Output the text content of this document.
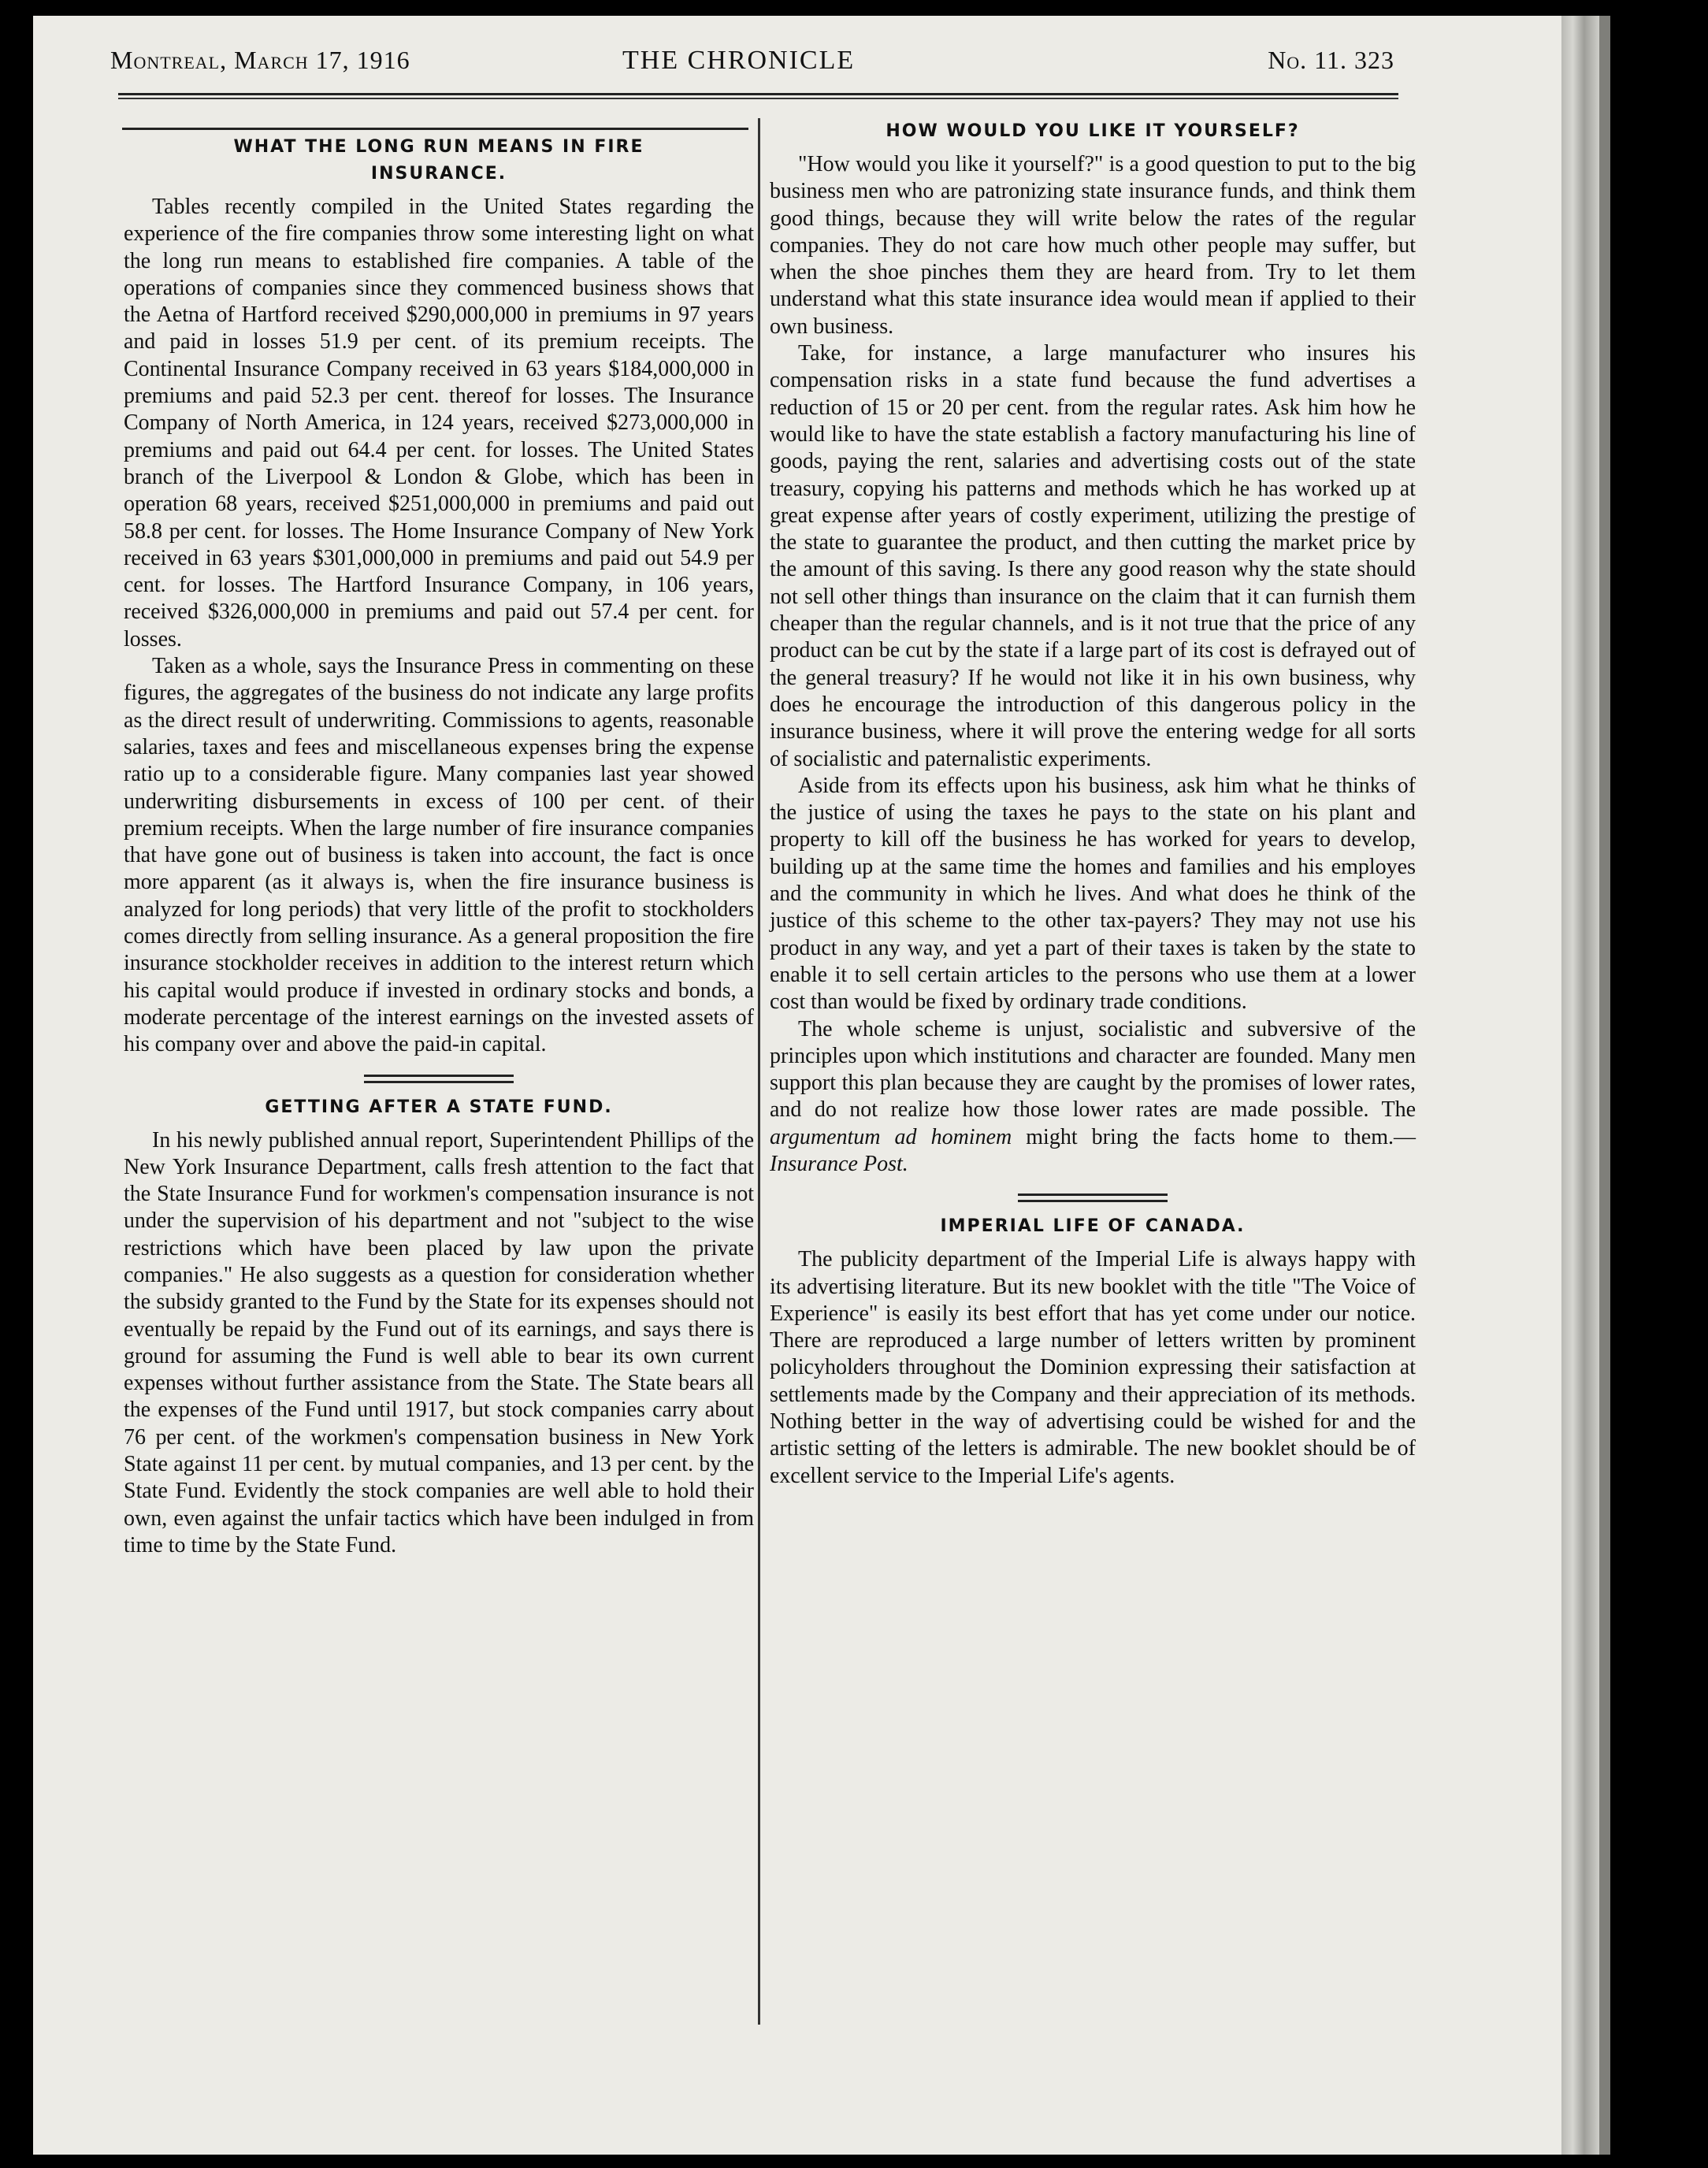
Montreal, March 17, 1916	THE CHRONICLE	No. 11. 323
WHAT THE LONG RUN MEANS IN FIRE
INSURANCE.

Tables recently compiled in the United States regarding the experience of the fire companies throw some interesting light on what the long run means to established fire companies. A table of the operations of companies since they commenced business shows that the Aetna of Hartford received $290,000,000 in premiums in 97 years and paid in losses 51.9 per cent. of its premium receipts. The Continental Insurance Company received in 63 years $184,000,000 in premiums and paid 52.3 per cent. thereof for losses. The Insurance Company of North America, in 124 years, received $273,000,000 in premiums and paid out 64.4 per cent. for losses. The United States branch of the Liverpool & London & Globe, which has been in operation 68 years, received $251,000,000 in premiums and paid out 58.8 per cent. for losses. The Home Insurance Company of New York received in 63 years $301,000,000 in premiums and paid out 54.9 per cent. for losses. The Hartford Insurance Company, in 106 years, received $326,000,000 in premiums and paid out 57.4 per cent. for losses.

Taken as a whole, says the Insurance Press in commenting on these figures, the aggregates of the business do not indicate any large profits as the direct result of underwriting. Commissions to agents, reasonable salaries, taxes and fees and miscellaneous expenses bring the expense ratio up to a considerable figure. Many companies last year showed underwriting disbursements in excess of 100 per cent. of their premium receipts. When the large number of fire insurance companies that have gone out of business is taken into account, the fact is once more apparent (as it always is, when the fire insurance business is analyzed for long periods) that very little of the profit to stockholders comes directly from selling insurance. As a general proposition the fire insurance stockholder receives in addition to the interest return which his capital would produce if invested in ordinary stocks and bonds, a moderate percentage of the interest earnings on the invested assets of his company over and above the paid-in capital.

GETTING AFTER A STATE FUND.

In his newly published annual report, Superintendent Phillips of the New York Insurance Department, calls fresh attention to the fact that the State Insurance Fund for workmen's compensation insurance is not under the supervision of his department and not "subject to the wise restrictions which have been placed by law upon the private companies." He also suggests as a question for consideration whether the subsidy granted to the Fund by the State for its expenses should not eventually be repaid by the Fund out of its earnings, and says there is ground for assuming the Fund is well able to bear its own current expenses without further assistance from the State. The State bears all the expenses of the Fund until 1917, but stock companies carry about 76 per cent. of the workmen's compensation business in New York State against 11 per cent. by mutual companies, and 13 per cent. by the State Fund. Evidently the stock companies are well able to hold their own, even against the unfair tactics which have been indulged in from time to time by the State Fund.

HOW WOULD YOU LIKE IT YOURSELF?

"How would you like it yourself?" is a good question to put to the big business men who are patronizing state insurance funds, and think them good things, because they will write below the rates of the regular companies. They do not care how much other people may suffer, but when the shoe pinches them they are heard from. Try to let them understand what this state insurance idea would mean if applied to their own business.

Take, for instance, a large manufacturer who insures his compensation risks in a state fund because the fund advertises a reduction of 15 or 20 per cent. from the regular rates. Ask him how he would like to have the state establish a factory manufacturing his line of goods, paying the rent, salaries and advertising costs out of the state treasury, copying his patterns and methods which he has worked up at great expense after years of costly experiment, utilizing the prestige of the state to guarantee the product, and then cutting the market price by the amount of this saving. Is there any good reason why the state should not sell other things than insurance on the claim that it can furnish them cheaper than the regular channels, and is it not true that the price of any product can be cut by the state if a large part of its cost is defrayed out of the general treasury? If he would not like it in his own business, why does he encourage the introduction of this dangerous policy in the insurance business, where it will prove the entering wedge for all sorts of socialistic and paternalistic experiments.

Aside from its effects upon his business, ask him what he thinks of the justice of using the taxes he pays to the state on his plant and property to kill off the business he has worked for years to develop, building up at the same time the homes and families and his employes and the community in which he lives. And what does he think of the justice of this scheme to the other tax-payers? They may not use his product in any way, and yet a part of their taxes is taken by the state to enable it to sell certain articles to the persons who use them at a lower cost than would be fixed by ordinary trade conditions.

The whole scheme is unjust, socialistic and subversive of the principles upon which institutions and character are founded. Many men support this plan because they are caught by the promises of lower rates, and do not realize how those lower rates are made possible. The argumentum ad hominem might bring the facts home to them.— Insurance Post.

IMPERIAL LIFE OF CANADA.

The publicity department of the Imperial Life is always happy with its advertising literature. But its new booklet with the title "The Voice of Experience" is easily its best effort that has yet come under our notice. There are reproduced a large number of letters written by prominent policyholders throughout the Dominion expressing their satisfaction at settlements made by the Company and their appreciation of its methods. Nothing better in the way of advertising could be wished for and the artistic setting of the letters is admirable. The new booklet should be of excellent service to the Imperial Life's agents.
